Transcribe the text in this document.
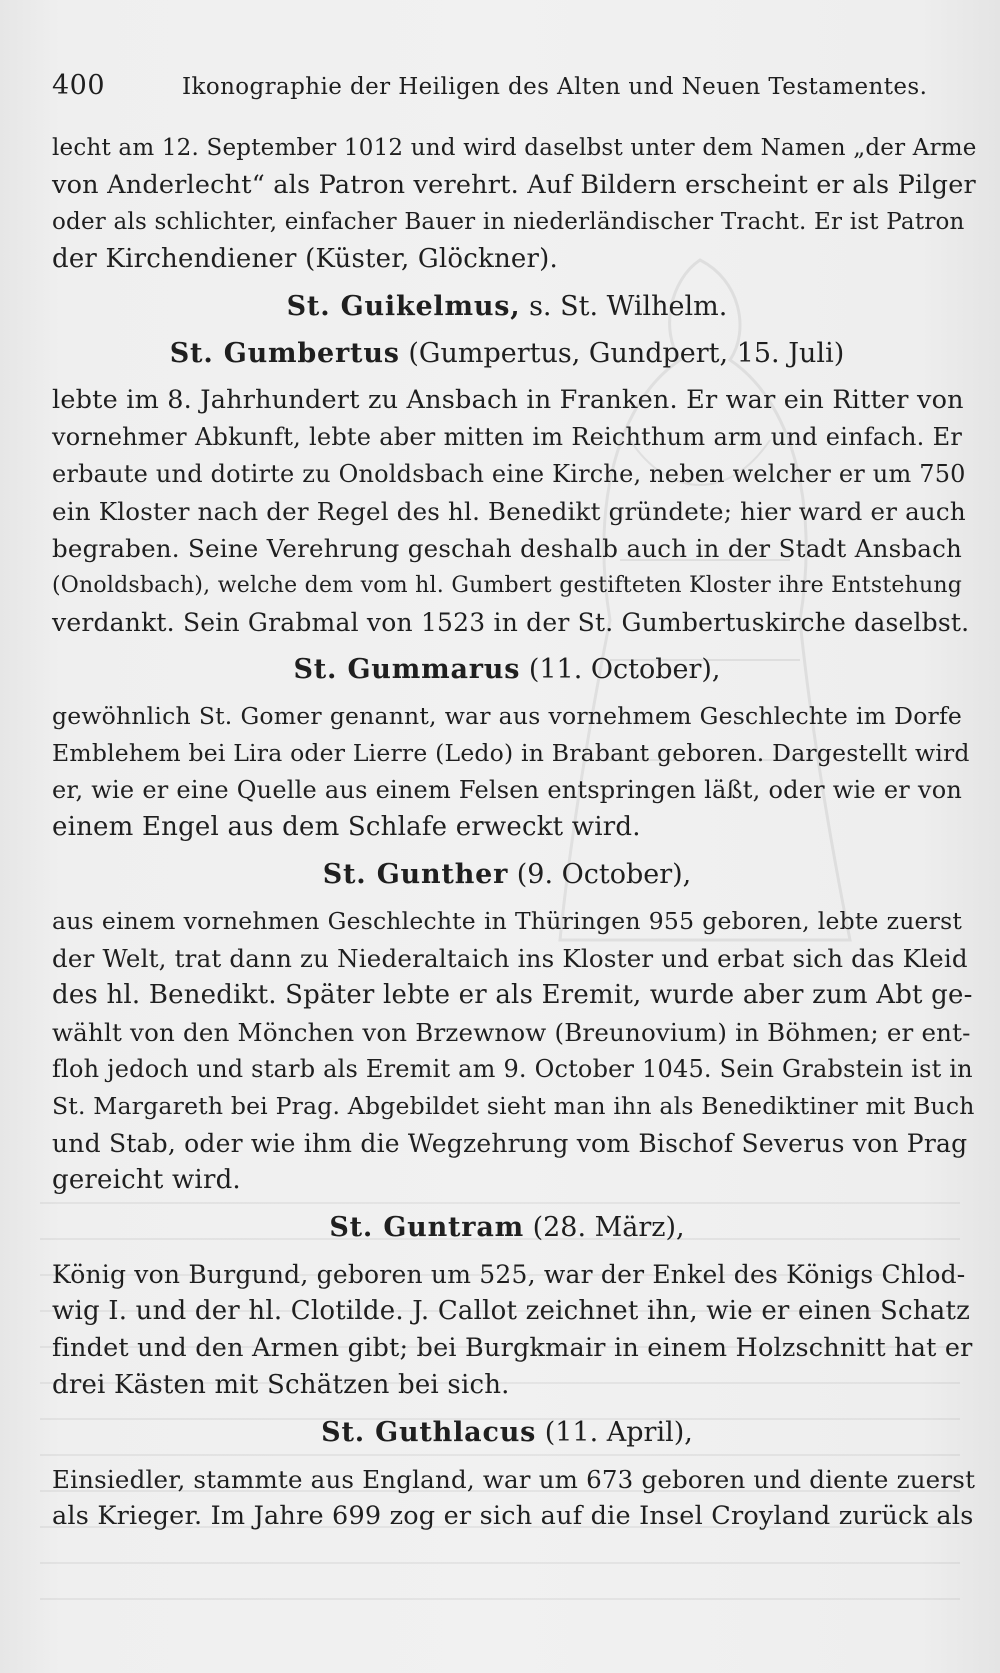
400	Ikonographie der Heiligen des Alten und Neuen Testamentes.
lecht am 12. September 1012 und wird daselbst unter dem Namen „der Arme
von Anderlecht“ als Patron verehrt. Auf Bildern erscheint er als Pilger
oder als schlichter, einfacher Bauer in niederländischer Tracht. Er ist Patron
der Kirchendiener (Küster, Glöckner).
St. Guikelmus, s. St. Wilhelm.
St. Gumbertus (Gumpertus, Gundpert, 15. Juli)
lebte im 8. Jahrhundert zu Ansbach in Franken. Er war ein Ritter von
vornehmer Abkunft, lebte aber mitten im Reichthum arm und einfach. Er
erbaute und dotirte zu Onoldsbach eine Kirche, neben welcher er um 750
ein Kloster nach der Regel des hl. Benedikt gründete; hier ward er auch
begraben. Seine Verehrung geschah deshalb auch in der Stadt Ansbach
(Onoldsbach), welche dem vom hl. Gumbert gestifteten Kloster ihre Entstehung
verdankt. Sein Grabmal von 1523 in der St. Gumbertuskirche daselbst.
St. Gummarus (11. October),
gewöhnlich St. Gomer genannt, war aus vornehmem Geschlechte im Dorfe
Emblehem bei Lira oder Lierre (Ledo) in Brabant geboren. Dargestellt wird
er, wie er eine Quelle aus einem Felsen entspringen läßt, oder wie er von
einem Engel aus dem Schlafe erweckt wird.
St. Gunther (9. October),
aus einem vornehmen Geschlechte in Thüringen 955 geboren, lebte zuerst
der Welt, trat dann zu Niederaltaich ins Kloster und erbat sich das Kleid
des hl. Benedikt. Später lebte er als Eremit, wurde aber zum Abt ge-
wählt von den Mönchen von Brzewnow (Breunovium) in Böhmen; er ent-
floh jedoch und starb als Eremit am 9. October 1045. Sein Grabstein ist in
St. Margareth bei Prag. Abgebildet sieht man ihn als Benediktiner mit Buch
und Stab, oder wie ihm die Wegzehrung vom Bischof Severus von Prag
gereicht wird.
St. Guntram (28. März),
König von Burgund, geboren um 525, war der Enkel des Königs Chlod-
wig I. und der hl. Clotilde. J. Callot zeichnet ihn, wie er einen Schatz
findet und den Armen gibt; bei Burgkmair in einem Holzschnitt hat er
drei Kästen mit Schätzen bei sich.
St. Guthlacus (11. April),
Einsiedler, stammte aus England, war um 673 geboren und diente zuerst
als Krieger. Im Jahre 699 zog er sich auf die Insel Croyland zurück als
